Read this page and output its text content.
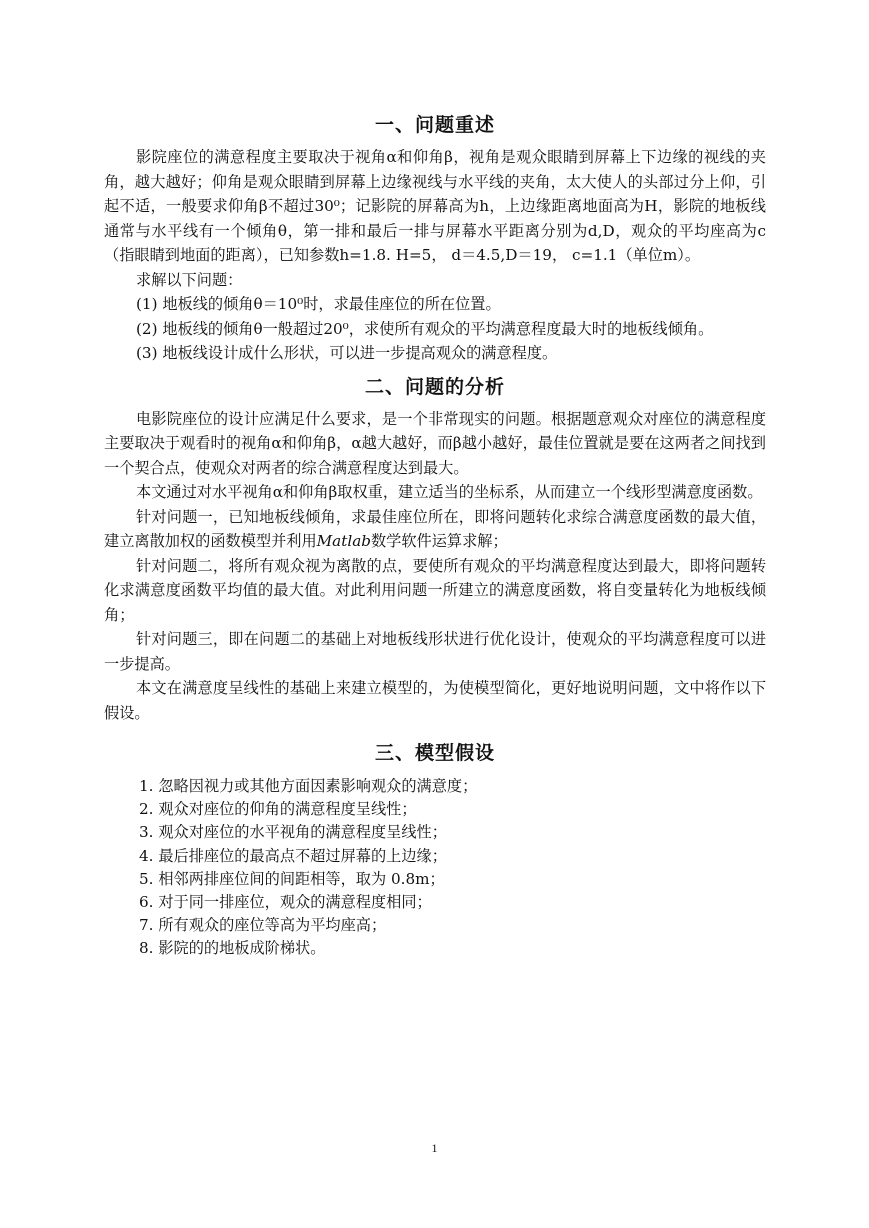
一、问题重述

影院座位的满意程度主要取决于视角α和仰角β，视角是观众眼睛到屏幕上下边缘的视线的夹角，越大越好；仰角是观众眼睛到屏幕上边缘视线与水平线的夹角，太大使人的头部过分上仰，引起不适，一般要求仰角β不超过30⁰；记影院的屏幕高为h，上边缘距离地面高为H，影院的地板线通常与水平线有一个倾角θ，第一排和最后一排与屏幕水平距离分别为d,D，观众的平均座高为c（指眼睛到地面的距离），已知参数h=1.8. H=5， d＝4.5,D＝19， c=1.1（单位m）。

求解以下问题：

(1) 地板线的倾角θ＝10⁰时，求最佳座位的所在位置。

(2) 地板线的倾角θ一般超过20⁰，求使所有观众的平均满意程度最大时的地板线倾角。

(3) 地板线设计成什么形状，可以进一步提高观众的满意程度。

二、问题的分析

电影院座位的设计应满足什么要求，是一个非常现实的问题。根据题意观众对座位的满意程度主要取决于观看时的视角α和仰角β，α越大越好，而β越小越好，最佳位置就是要在这两者之间找到一个契合点，使观众对两者的综合满意程度达到最大。

本文通过对水平视角α和仰角β取权重，建立适当的坐标系，从而建立一个线形型满意度函数。

针对问题一，已知地板线倾角，求最佳座位所在，即将问题转化求综合满意度函数的最大值，建立离散加权的函数模型并利用Matlab数学软件运算求解；

针对问题二，将所有观众视为离散的点，要使所有观众的平均满意程度达到最大，即将问题转化求满意度函数平均值的最大值。对此利用问题一所建立的满意度函数，将自变量转化为地板线倾角；

针对问题三，即在问题二的基础上对地板线形状进行优化设计，使观众的平均满意程度可以进一步提高。

本文在满意度呈线性的基础上来建立模型的，为使模型简化，更好地说明问题，文中将作以下假设。

三、模型假设
1. 忽略因视力或其他方面因素影响观众的满意度；
2. 观众对座位的仰角的满意程度呈线性；
3. 观众对座位的水平视角的满意程度呈线性；
4. 最后排座位的最高点不超过屏幕的上边缘；
5. 相邻两排座位间的间距相等，取为 0.8m；
6. 对于同一排座位，观众的满意程度相同；
7. 所有观众的座位等高为平均座高；
8. 影院的的地板成阶梯状。
1
